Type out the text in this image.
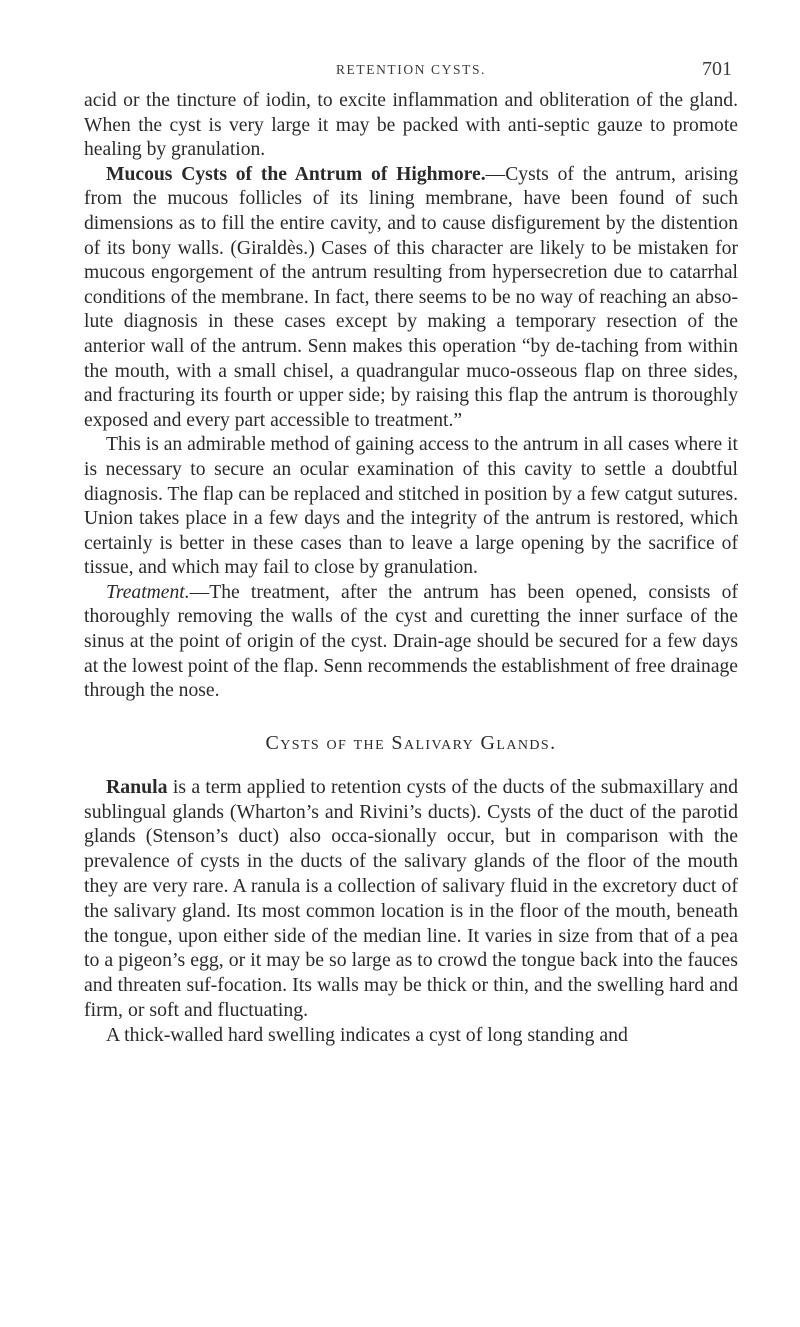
RETENTION CYSTS.	701

acid or the tincture of iodin, to excite inflammation and obliteration of the gland. When the cyst is very large it may be packed with anti-septic gauze to promote healing by granulation.

Mucous Cysts of the Antrum of Highmore.—Cysts of the antrum, arising from the mucous follicles of its lining membrane, have been found of such dimensions as to fill the entire cavity, and to cause disfigurement by the distention of its bony walls. (Giraldès.) Cases of this character are likely to be mistaken for mucous engorgement of the antrum resulting from hypersecretion due to catarrhal conditions of the membrane. In fact, there seems to be no way of reaching an abso-lute diagnosis in these cases except by making a temporary resection of the anterior wall of the antrum. Senn makes this operation “by de-taching from within the mouth, with a small chisel, a quadrangular muco-osseous flap on three sides, and fracturing its fourth or upper side; by raising this flap the antrum is thoroughly exposed and every part accessible to treatment.”

This is an admirable method of gaining access to the antrum in all cases where it is necessary to secure an ocular examination of this cavity to settle a doubtful diagnosis. The flap can be replaced and stitched in position by a few catgut sutures. Union takes place in a few days and the integrity of the antrum is restored, which certainly is better in these cases than to leave a large opening by the sacrifice of tissue, and which may fail to close by granulation.

Treatment.—The treatment, after the antrum has been opened, consists of thoroughly removing the walls of the cyst and curetting the inner surface of the sinus at the point of origin of the cyst. Drain-age should be secured for a few days at the lowest point of the flap. Senn recommends the establishment of free drainage through the nose.

Cysts of the Salivary Glands.

Ranula is a term applied to retention cysts of the ducts of the submaxillary and sublingual glands (Wharton’s and Rivini’s ducts). Cysts of the duct of the parotid glands (Stenson’s duct) also occa-sionally occur, but in comparison with the prevalence of cysts in the ducts of the salivary glands of the floor of the mouth they are very rare. A ranula is a collection of salivary fluid in the excretory duct of the salivary gland. Its most common location is in the floor of the mouth, beneath the tongue, upon either side of the median line. It varies in size from that of a pea to a pigeon’s egg, or it may be so large as to crowd the tongue back into the fauces and threaten suf-focation. Its walls may be thick or thin, and the swelling hard and firm, or soft and fluctuating.

A thick-walled hard swelling indicates a cyst of long standing and
